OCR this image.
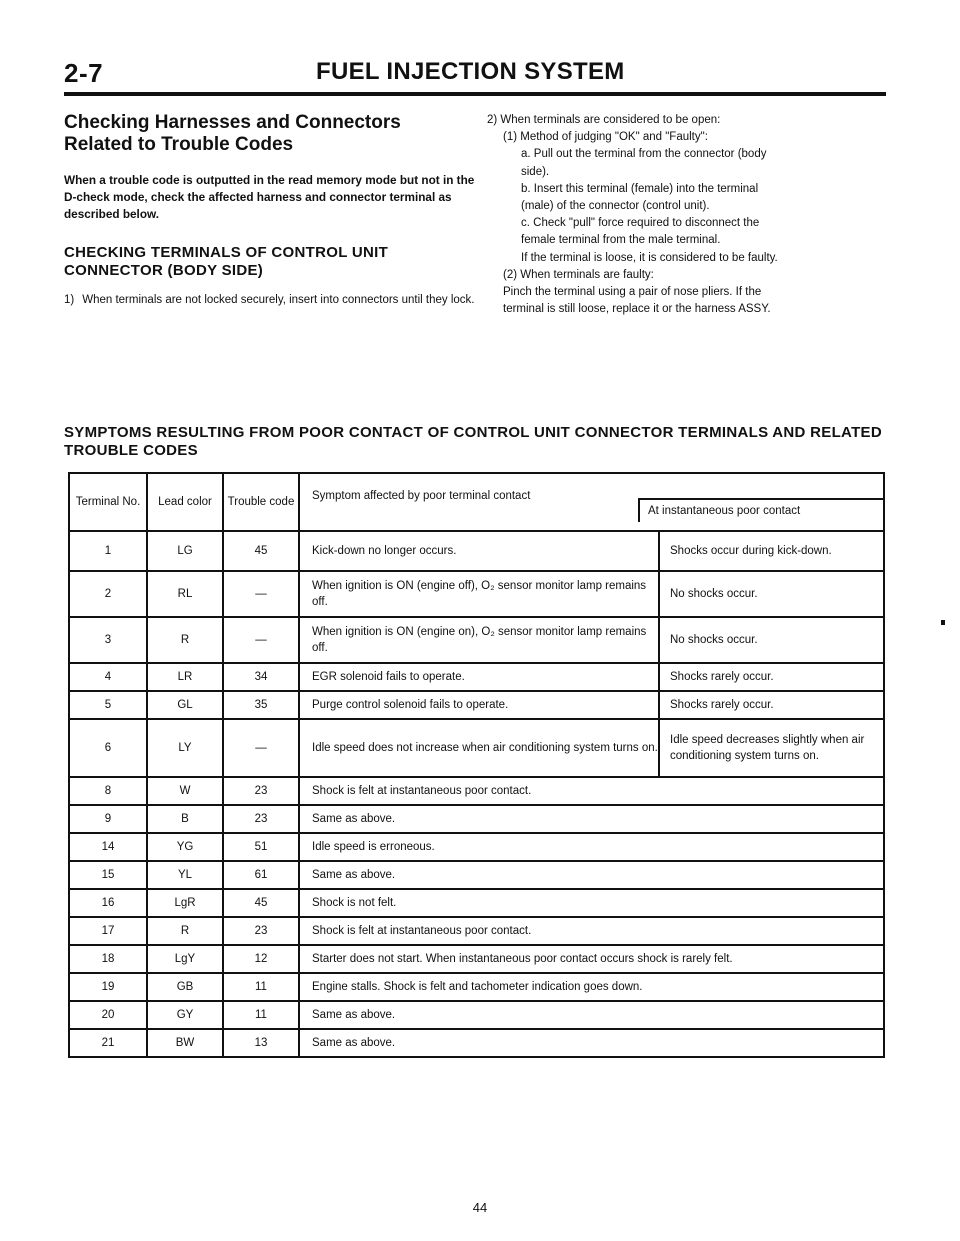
2-7	FUEL INJECTION SYSTEM
Checking Harnesses and Connectors Related to Trouble Codes
When a trouble code is outputted in the read memory mode but not in the D-check mode, check the affected harness and connector terminal as described below.
CHECKING TERMINALS OF CONTROL UNIT CONNECTOR (BODY SIDE)
1) When terminals are not locked securely, insert into connectors until they lock.
2) When terminals are considered to be open:
(1) Method of judging "OK" and "Faulty":
a. Pull out the terminal from the connector (body
side).
b. Insert this terminal (female) into the terminal
(male) of the connector (control unit).
c. Check "pull" force required to disconnect the
female terminal from the male terminal.
If the terminal is loose, it is considered to be faulty.
(2) When terminals are faulty:
Pinch the terminal using a pair of nose pliers. If the
terminal is still loose, replace it or the harness ASSY.
SYMPTOMS RESULTING FROM POOR CONTACT OF CONTROL UNIT CONNECTOR TERMINALS AND RELATED TROUBLE CODES
Terminal No.	Lead color	Trouble code	Symptom affected by poor terminal contact
At instantaneous poor contact	

1	LG	45	Kick-down no longer occurs.	Shocks occur during kick-down.
2	RL	—	When ignition is ON (engine off), O₂ sensor monitor lamp remains off.	No shocks occur.
3	R	—	When ignition is ON (engine on), O₂ sensor monitor lamp remains off.	No shocks occur.
4	LR	34	EGR solenoid fails to operate.	Shocks rarely occur.
5	GL	35	Purge control solenoid fails to operate.	Shocks rarely occur.
6	LY	—	Idle speed does not increase when air conditioning system turns on.	Idle speed decreases slightly when air conditioning system turns on.
8	W	23	Shock is felt at instantaneous poor contact.	
9	B	23	Same as above.	
14	YG	51	Idle speed is erroneous.	
15	YL	61	Same as above.	
16	LgR	45	Shock is not felt.	
17	R	23	Shock is felt at instantaneous poor contact.	
18	LgY	12	Starter does not start. When instantaneous poor contact occurs shock is rarely felt.	
19	GB	11	Engine stalls. Shock is felt and tachometer indication goes down.	
20	GY	11	Same as above.	
21	BW	13	Same as above.	
44
